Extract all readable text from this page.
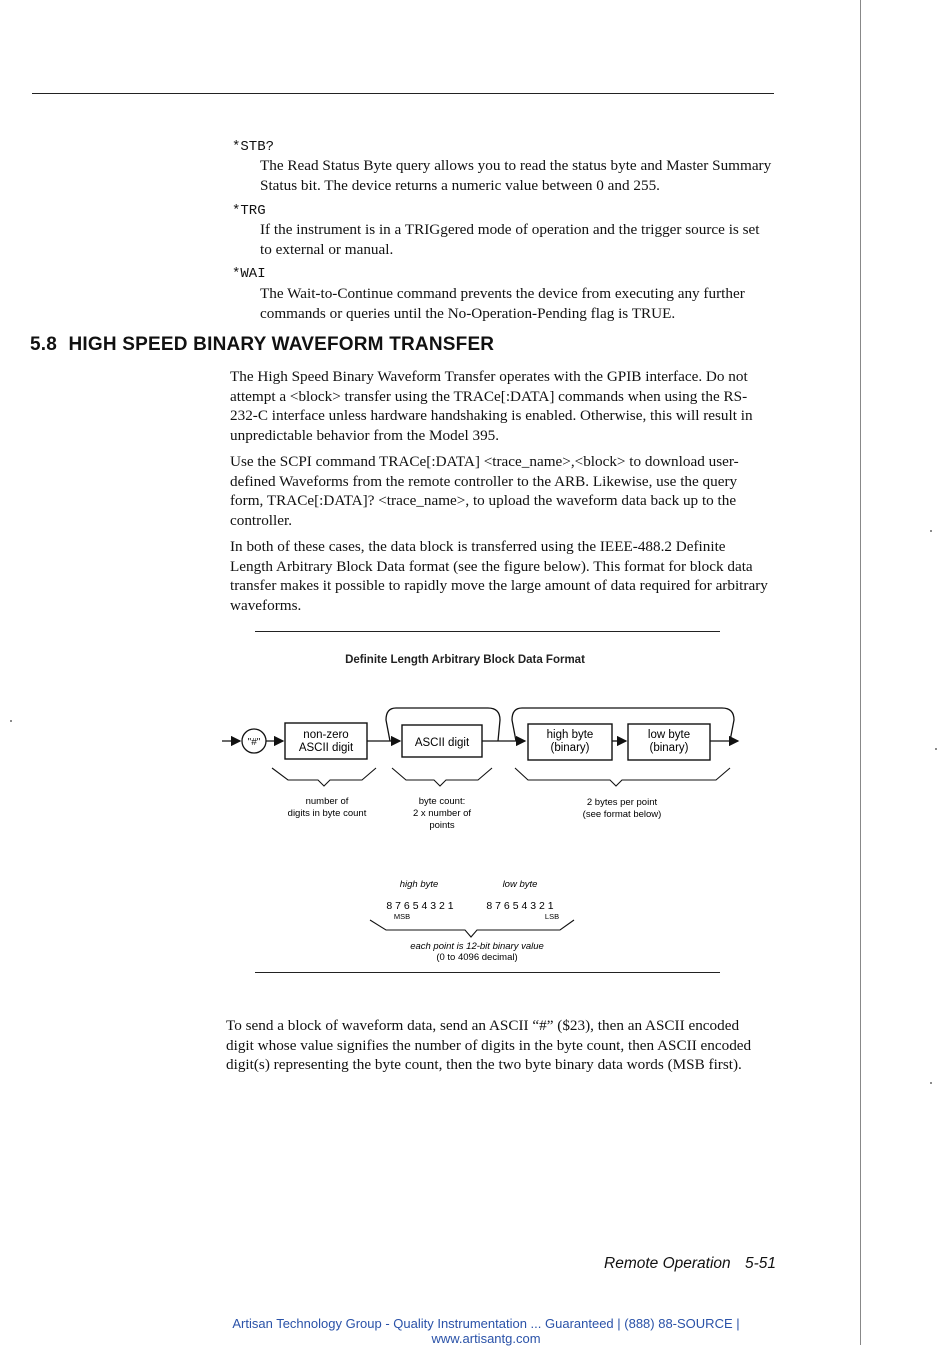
*STB?
The Read Status Byte query allows you to read the status byte and Master Summary
Status bit. The device returns a numeric value between 0 and 255.
*TRG
If the instrument is in a TRIGgered mode of operation and the trigger source is set
to external or manual.
*WAI
The Wait-to-Continue command prevents the device from executing any further
commands or queries until the No-Operation-Pending flag is TRUE.
5.8 HIGH SPEED BINARY WAVEFORM TRANSFER
The High Speed Binary Waveform Transfer operates with the GPIB interface. Do not
attempt a <block> transfer using the TRACe[:DATA] commands when using the RS-
232-C interface unless hardware handshaking is enabled. Otherwise, this will result in
unpredictable behavior from the Model 395.
Use the SCPI command TRACe[:DATA] <trace_name>,<block> to download user-
defined Waveforms from the remote controller to the ARB. Likewise, use the query
form, TRACe[:DATA]? <trace_name>, to upload the waveform data back up to the
controller.
In both of these cases, the data block is transferred using the IEEE-488.2 Definite
Length Arbitrary Block Data format (see the figure below). This format for block data
transfer makes it possible to rapidly move the large amount of data required for arbitrary
waveforms.
Definite Length Arbitrary Block Data Format
"#"
non-zero
ASCII digit	ASCII digit
high byte
(binary)
low byte
(binary)
number of
digits in byte count
byte count:
2 x number of
points
2 bytes per point
(see format below)
high byte	low byte
8 7 6 5 4 3 2 1	8 7 6 5 4 3 2 1
MSB	LSB
each point is 12-bit binary value
(0 to 4096 decimal)
To send a block of waveform data, send an ASCII “#” ($23), then an ASCII encoded
digit whose value signifies the number of digits in the byte count, then ASCII encoded
digit(s) representing the byte count, then the two byte binary data words (MSB first).
Remote Operation 5-51
Artisan Technology Group - Quality Instrumentation ... Guaranteed | (888) 88-SOURCE | www.artisantg.com
